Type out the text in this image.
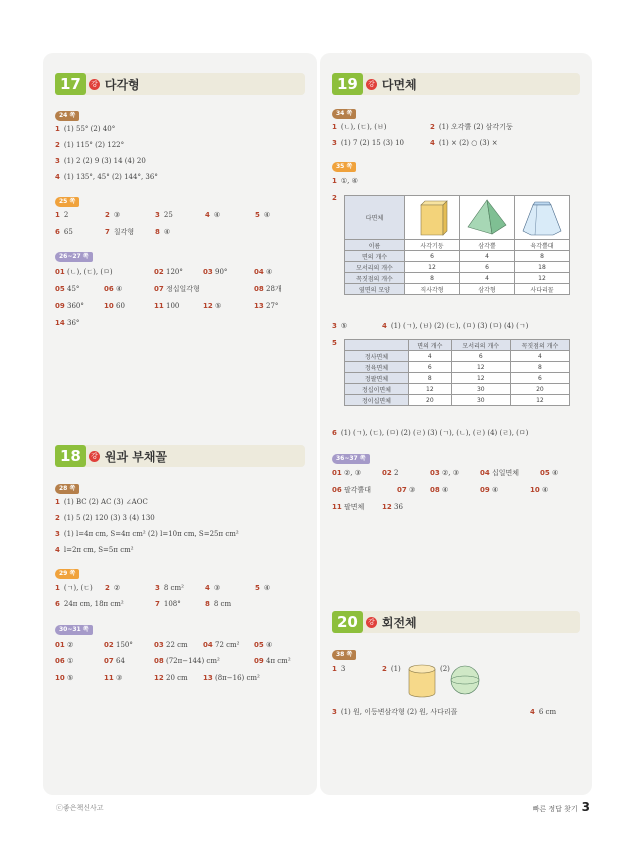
17	강 다각형
24 쪽
1 (1) 55° (2) 40°
2 (1) 115° (2) 122°
3 (1) 2 (2) 9 (3) 14 (4) 20
4 (1) 135°, 45° (2) 144°, 36°
25 쪽
1 2	2 ③	3 25	4 ④	5 ④
6 65	7 칠각형	8 ④
26~27 쪽
01 (ㄴ), (ㄷ), (ㅁ)	02 120°	03 90°	04 ④
05 45°	06 ④	07 정십일각형	08 28개
09 360°	10 60	11 100	12 ⑤	13 27°
14 36°
18	강 원과 부채꼴
28 쪽
1 (1) BC (2) AC (3) ∠AOC
2 (1) 5 (2) 120 (3) 3 (4) 130
3 (1) l=4π cm, S=4π cm² (2) l=10π cm, S=25π cm²
4 l=2π cm, S=5π cm²
29 쪽
1 (ㄱ), (ㄷ) 2 ②	3 8 cm²	4 ③	5 ④
6 24π cm, 18π cm²	7 108°	8 8 cm
30~31 쪽
01 ②	02 150°	03 22 cm 04 72 cm² 05 ④
06 ①	07 64	08 (72π−144) cm²	09 4π cm²
10 ⑤	11 ③	12 20 cm 13 (8π−16) cm²
19	강 다면체
34 쪽
1 (ㄴ), (ㄷ), (ㅂ)	2 (1) 오각뿔 (2) 삼각기둥
3 (1) 7 (2) 15 (3) 10	4 (1) × (2) ○ (3) ×
35 쪽
1 ①, ④
2
다면체			
이름	사각기둥	삼각뿔	육각뿔대
면의 개수	6	4	8
모서리의 개수	12	6	18
꼭짓점의 개수	8	4	12
옆면의 모양	직사각형	삼각형	사다리꼴
3 ⑤	4 (1) (ㄱ), (ㅂ) (2) (ㄷ), (ㅁ) (3) (ㅁ) (4) (ㄱ)
5
		면의 개수	모서리의 개수	꼭짓점의 개수
정사면체	4	6	4
정육면체	6	12	8
정팔면체	8	12	6
정십이면체	12	30	20
정이십면체	20	30	12
6 (1) (ㄱ), (ㄷ), (ㅁ) (2) (ㄹ) (3) (ㄱ), (ㄴ), (ㄹ) (4) (ㄹ), (ㅁ)
36~37 쪽
01 ②, ③	02 2	03 ②, ③	04 십일면체	05 ④
06 팔각뿔대	07 ③ 08 ④	09 ④	10 ④
11 팔면체	12 36
20	강 회전체
38 쪽
1 3	2 (1)	(2)
3 (1) 원, 이등변삼각형 (2) 원, 사다리꼴	4 6 cm
ⓒ좋은책신사고	빠른 정답 찾기 3
